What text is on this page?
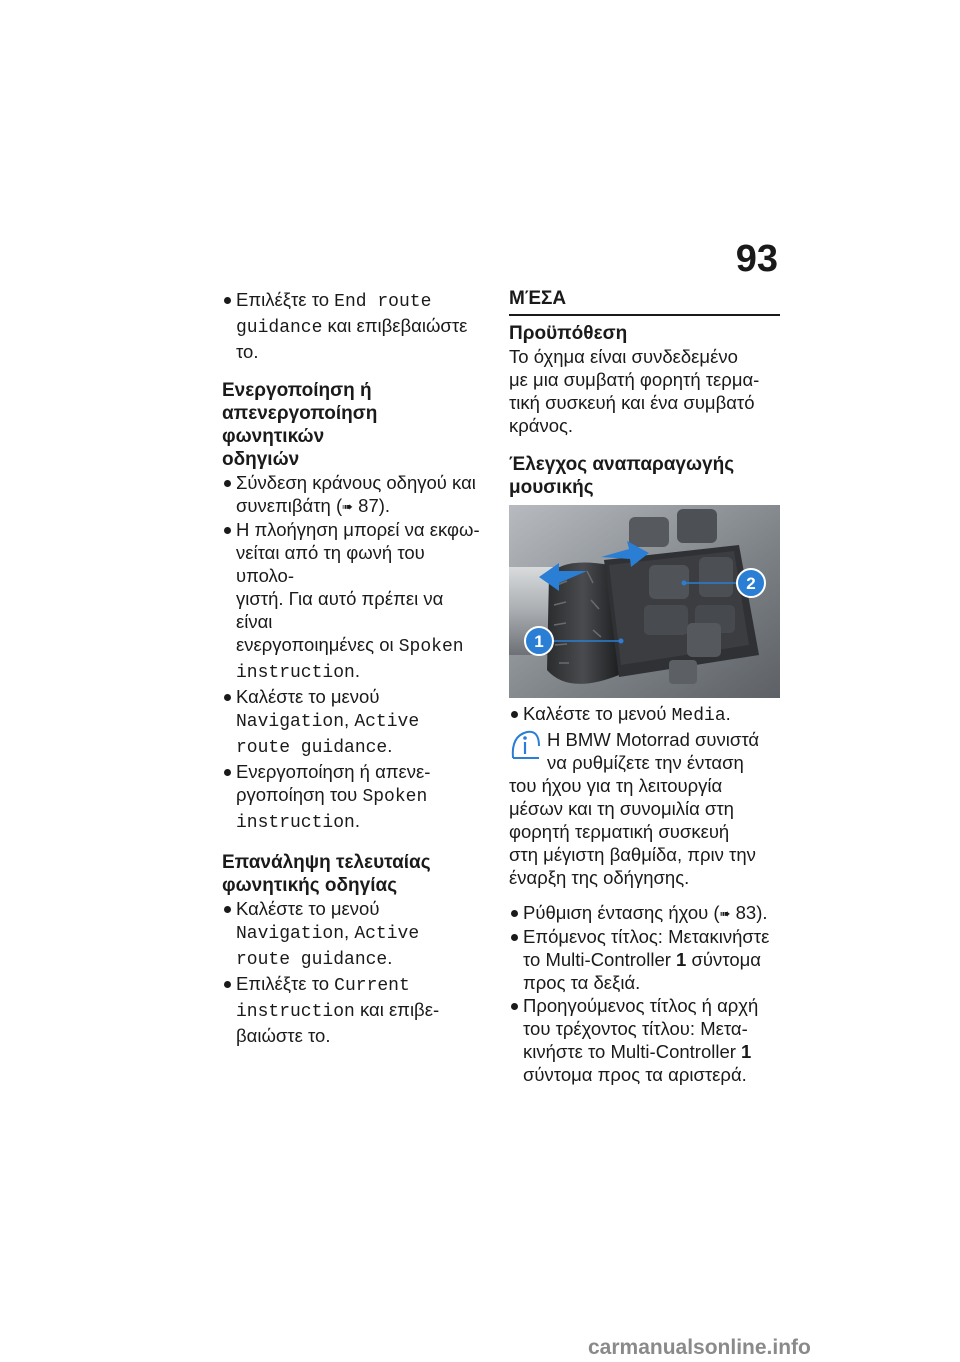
93
Επιλέξτε το End route
guidance και επιβεβαιώστε
το.
Ενεργοποίηση ή
απενεργοποίηση φωνητικών
οδηγιών
Σύνδεση κράνους οδηγού και
συνεπιβάτη (➠ 87).
Η πλοήγηση μπορεί να εκφω-
νείται από τη φωνή του υπολο-
γιστή. Για αυτό πρέπει να είναι
ενεργοποιημένες οι Spoken
instruction.
Καλέστε το μενού
Navigation, Active
route guidance.
Ενεργοποίηση ή απενε-
ργοποίηση του Spoken
instruction.
Επανάληψη τελευταίας
φωνητικής οδηγίας
Καλέστε το μενού
Navigation, Active
route guidance.
Επιλέξτε το Current
instruction και επιβε-
βαιώστε το.
ΜΈΣΑ
Προϋπόθεση
Το όχημα είναι συνδεδεμένο
με μια συμβατή φορητή τερμα-
τική συσκευή και ένα συμβατό
κράνος.
Έλεγχος αναπαραγωγής
μουσικής
1
2
Καλέστε το μενού Media.
Η BMW Motorrad συνιστά
να ρυθμίζετε την ένταση
του ήχου για τη λειτουργία
μέσων και τη συνομιλία στη
φορητή τερματική συσκευή
στη μέγιστη βαθμίδα, πριν την
έναρξη της οδήγησης.
Ρύθμιση έντασης ήχου (➠ 83).
Επόμενος τίτλος: Μετακινήστε
το Multi-Controller 1 σύντομα
προς τα δεξιά.
Προηγούμενος τίτλος ή αρχή
του τρέχοντος τίτλου: Μετα-
κινήστε το Multi-Controller 1
σύντομα προς τα αριστερά.
carmanualsonline.info
